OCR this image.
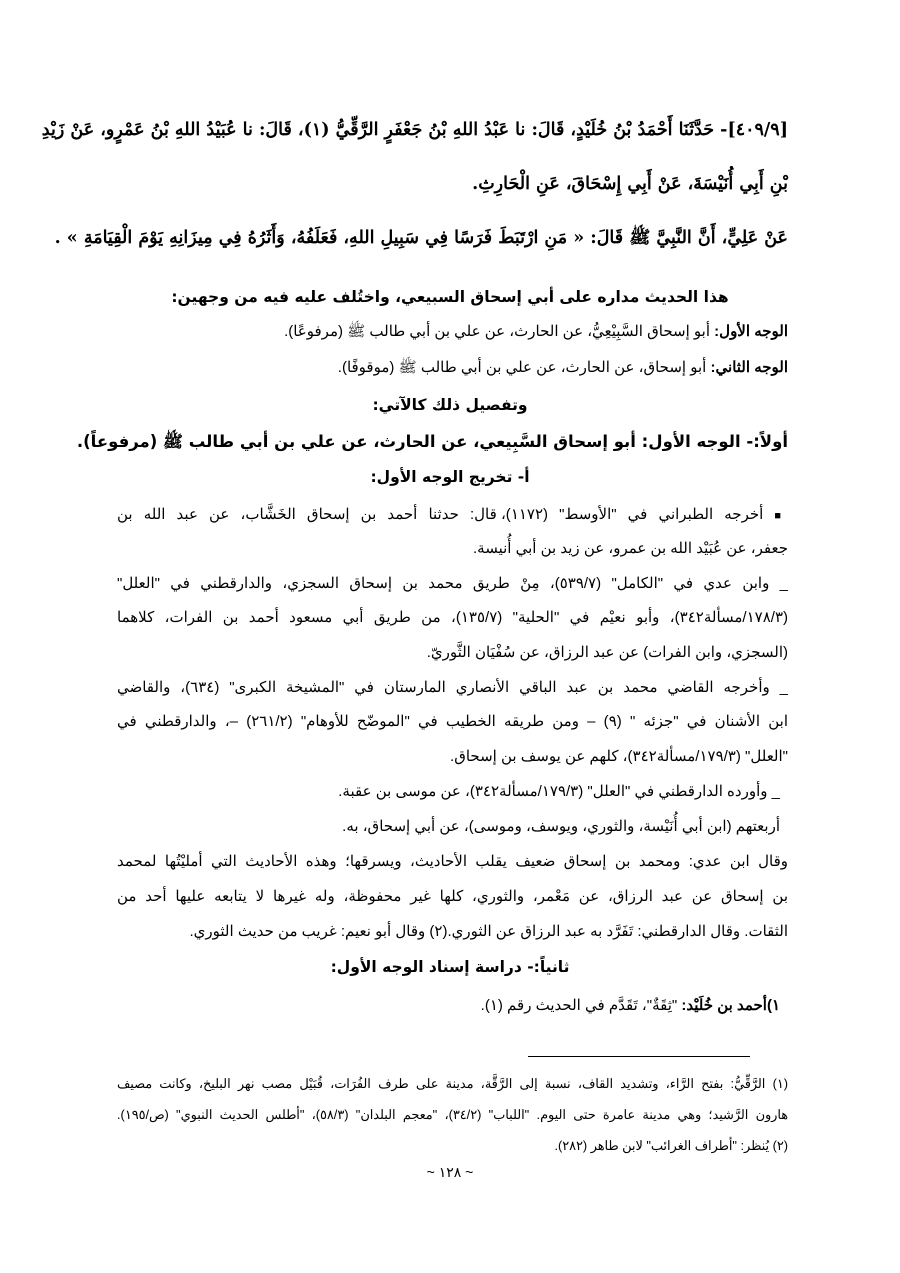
[٤٠٩/٩]- حَدَّثَنَا أَحْمَدُ بْنُ خُلَيْدٍ، قَالَ: نا عَبْدُ اللهِ بْنُ جَعْفَرٍ الرَّقِّيُّ (١)، قَالَ: نا عُبَيْدُ اللهِ بْنُ عَمْرٍو، عَنْ زَيْدِ
بْنِ أَبِي أُنَيْسَةَ، عَنْ أَبِي إِسْحَاقَ، عَنِ الْحَارِثِ.
عَنْ عَلِيٍّ، أَنَّ النَّبِيَّ ﷺ قَالَ: « مَنِ ارْتَبَطَ فَرَسًا فِي سَبِيلِ اللهِ، فَعَلَفُهُ، وَأَثَرُهُ فِي مِيزَانِهِ يَوْمَ الْقِيَامَةِ » .
هذا الحديث مداره على أبي إسحاق السبيعي، واختُلف عليه فيه من وجهين:
الوجه الأول: أبو إسحاق السَّبِيْعِيُّ، عن الحارث، عن علي بن أبي طالب ﷺ (مرفوعًا).
الوجه الثاني: أبو إسحاق، عن الحارث، عن علي بن أبي طالب ﷺ (موقوفًا).
وتفصيل ذلك كالآتي:
أولاً:- الوجه الأول: أبو إسحاق السَّبِيعي، عن الحارث، عن علي بن أبي طالب ﷺ (مرفوعاً).
أ- تخريج الوجه الأول:
■ أخرجه الطبراني في "الأوسط" (١١٧٢)، قال: حدثنا أحمد بن إسحاق الخَشَّاب، عن عبد الله بن
جعفر، عن عُبَيْد الله بن عمرو، عن زيد بن أبي أُنيسة.
_ وابن عدي في "الكامل" (٥٣٩/٧)، مِنْ طريق محمد بن إسحاق السجزي، والدارقطني في "العلل"
(١٧٨/٣/مسألة٣٤٢)، وأبو نعيْم في "الحلية" (١٣٥/٧)، من طريق أبي مسعود أحمد بن الفرات، كلاهما
(السجزي، وابن الفرات) عن عبد الرزاق، عن سُفْيَان الثَّوريّ.
_ وأخرجه القاضي محمد بن عبد الباقي الأنصاري المارستان في "المشيخة الكبرى" (٦٣٤)، والقاضي
ابن الأشنان في "جزئه " (٩) – ومن طريقه الخطيب في "الموضّح للأوهام" (٢٦١/٢) –، والدارقطني في
"العلل" (١٧٩/٣/مسألة٣٤٢)، كلهم عن يوسف بن إسحاق.
_ وأورده الدارقطني في "العلل" (١٧٩/٣/مسألة٣٤٢)، عن موسى بن عقبة.
أربعتهم (ابن أبي أُنَيْسة، والثوري، ويوسف، وموسى)، عن أبي إسحاق، به.
وقال ابن عدي: ومحمد بن إسحاق ضعيف يقلب الأحاديث، ويسرقها؛ وهذه الأحاديث التي أمليْتُها لمحمد
بن إسحاق عن عبد الرزاق، عن مَعْمر، والثوري، كلها غير محفوظة، وله غيرها لا يتابعه عليها أحد من
الثقات. وقال الدارقطني: تَفَرَّد به عبد الرزاق عن الثوري.(٢) وقال أبو نعيم: غريب من حديث الثوري.
ثانياً:- دراسة إسناد الوجه الأول:
١)أحمد بن خُلَيْد: "ثِقَةٌ"، تَقَدَّم في الحديث رقم (١).
(١) الرَّقِّيُّ: بفتح الرَّاء، وتشديد القاف، نسبة إلى الرَّقَّة، مدينة على طرف الفُرَات، قُبَيْل مصب نهر البليخ، وكانت مصيف
هارون الرَّشيد؛ وهي مدينة عامرة حتى اليوم. "اللباب" (٣٤/٢)، "معجم البلدان" (٥٨/٣)، "أطلس الحديث النبوي" (ص/١٩٥).
(٢) يُنظر: "أطراف الغرائب" لابن طاهر (٢٨٢).
~ ١٢٨ ~
